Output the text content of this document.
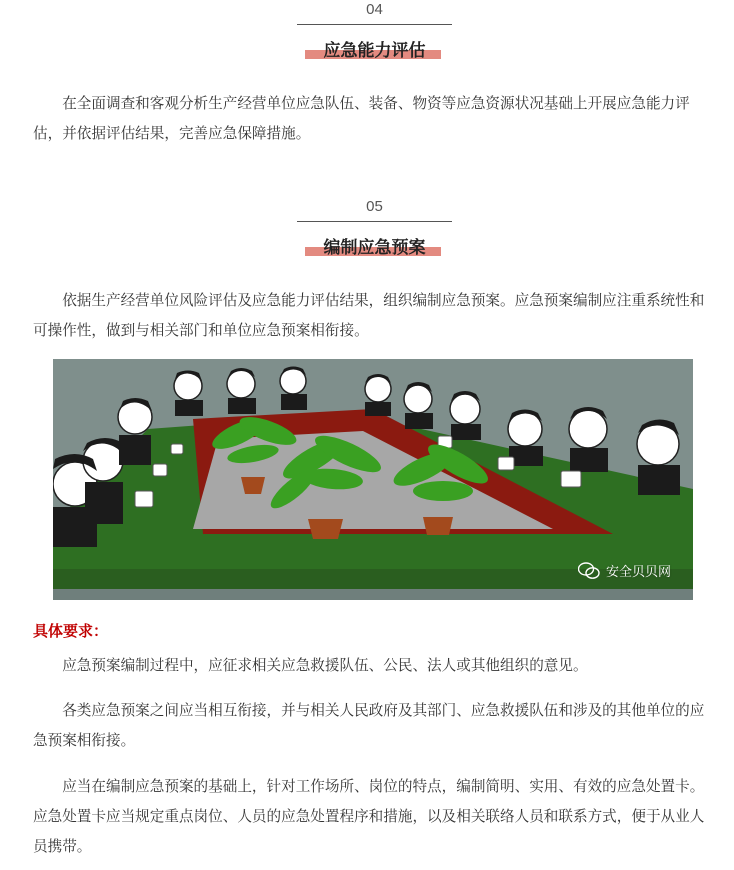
04
应急能力评估

在全面调查和客观分析生产经营单位应急队伍、装备、物资等应急资源状况基础上开展应急能力评估，并依据评估结果，完善应急保障措施。

05
编制应急预案

依据生产经营单位风险评估及应急能力评估结果，组织编制应急预案。应急预案编制应注重系统性和可操作性，做到与相关部门和单位应急预案相衔接。

安全贝贝网

具体要求：

应急预案编制过程中，应征求相关应急救援队伍、公民、法人或其他组织的意见。

各类应急预案之间应当相互衔接，并与相关人民政府及其部门、应急救援队伍和涉及的其他单位的应急预案相衔接。

应当在编制应急预案的基础上，针对工作场所、岗位的特点，编制简明、实用、有效的应急处置卡。应急处置卡应当规定重点岗位、人员的应急处置程序和措施，以及相关联络人员和联系方式，便于从业人员携带。
